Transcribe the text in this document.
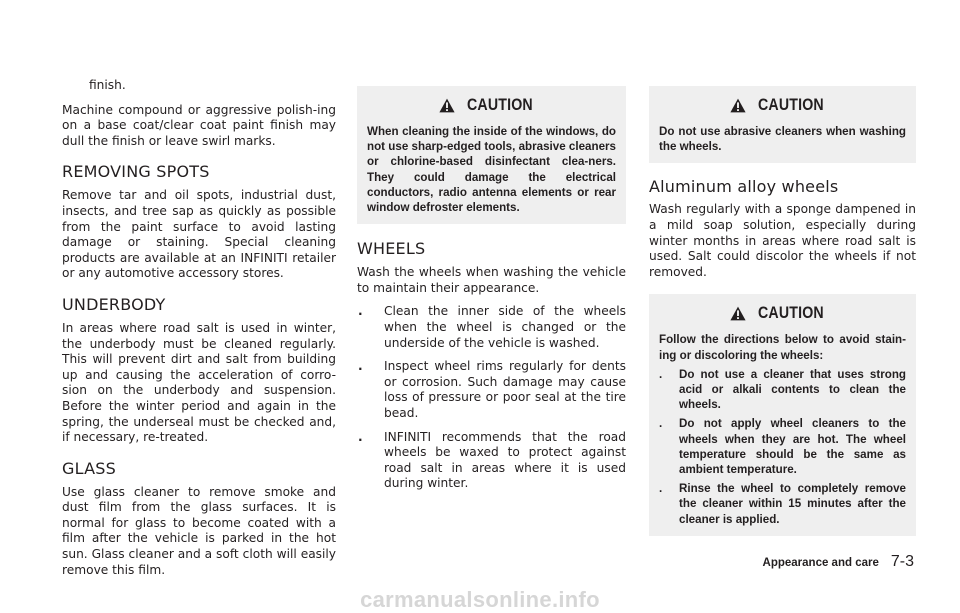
finish.

Machine compound or aggressive polish-ing on a base coat/clear coat paint finish may dull the finish or leave swirl marks.

REMOVING SPOTS

Remove tar and oil spots, industrial dust, insects, and tree sap as quickly as possible from the paint surface to avoid lasting damage or staining. Special cleaning products are available at an INFINITI retailer or any automotive accessory stores.

UNDERBODY

In areas where road salt is used in winter, the underbody must be cleaned regularly. This will prevent dirt and salt from building up and causing the acceleration of corro-sion on the underbody and suspension. Before the winter period and again in the spring, the underseal must be checked and, if necessary, re-treated.

GLASS

Use glass cleaner to remove smoke and dust film from the glass surfaces. It is normal for glass to become coated with a film after the vehicle is parked in the hot sun. Glass cleaner and a soft cloth will easily remove this film.

CAUTION

When cleaning the inside of the windows, do not use sharp-edged tools, abrasive cleaners or chlorine-based disinfectant clea-ners. They could damage the electrical conductors, radio antenna elements or rear window defroster elements.

WHEELS

Wash the wheels when washing the vehicle to maintain their appearance.

. Clean the inner side of the wheels when the wheel is changed or the underside of the vehicle is washed.
. Inspect wheel rims regularly for dents or corrosion. Such damage may cause loss of pressure or poor seal at the tire bead.
. INFINITI recommends that the road wheels be waxed to protect against road salt in areas where it is used during winter.
CAUTION

Do not use abrasive cleaners when washing the wheels.

Aluminum alloy wheels

Wash regularly with a sponge dampened in a mild soap solution, especially during winter months in areas where road salt is used. Salt could discolor the wheels if not removed.

CAUTION

Follow the directions below to avoid stain-ing or discoloring the wheels:

. Do not use a cleaner that uses strong acid or alkali contents to clean the wheels.
. Do not apply wheel cleaners to the wheels when they are hot. The wheel temperature should be the same as ambient temperature.
. Rinse the wheel to completely remove the cleaner within 15 minutes after the cleaner is applied.
Appearance and care 7-3
carmanualsonline.info
